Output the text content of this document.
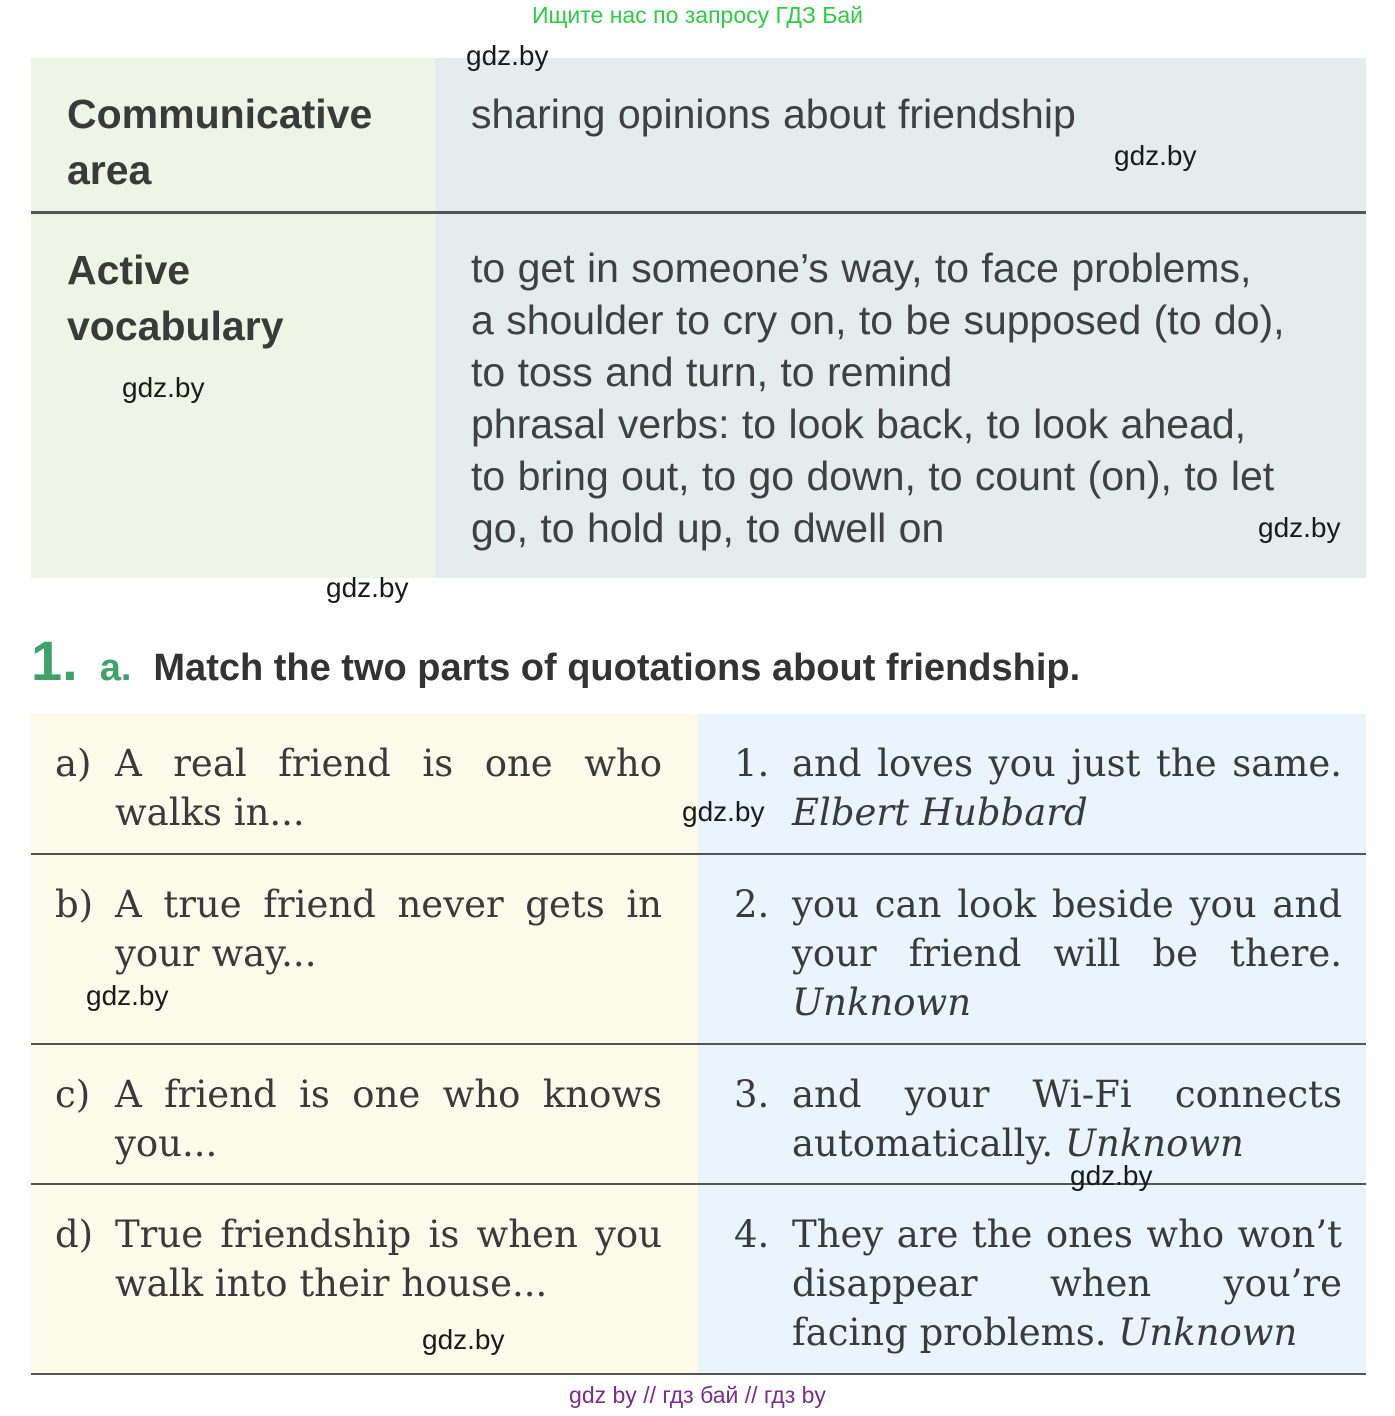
Ищите нас по запросу ГДЗ Бай
Communicative area
sharing opinions about friendship
Active vocabulary
to get in someone’s way, to face problems,
a shoulder to cry on, to be supposed (to do),
to toss and turn, to remind
phrasal verbs: to look back, to look ahead,
to bring out, to go down, to count (on), to let
go, to hold up, to dwell on
1. a. Match the two parts of quotations about friendship.
a) A real friend is one who walks in...
1. and loves you just the same. Elbert Hubbard
b) A true friend never gets in your way...
2. you can look beside you and your friend will be there. Unknown
c) A friend is one who knows you...
3. and your Wi-Fi connects automatically. Unknown
d) True friendship is when you walk into their house...
4. They are the ones who won’t disappear when you’re facing problems. Unknown
gdz.by
gdz.by
gdz.by
gdz.by
gdz.by
gdz.by
gdz.by
gdz.by
gdz.by
gdz by // гдз бай // гдз by
